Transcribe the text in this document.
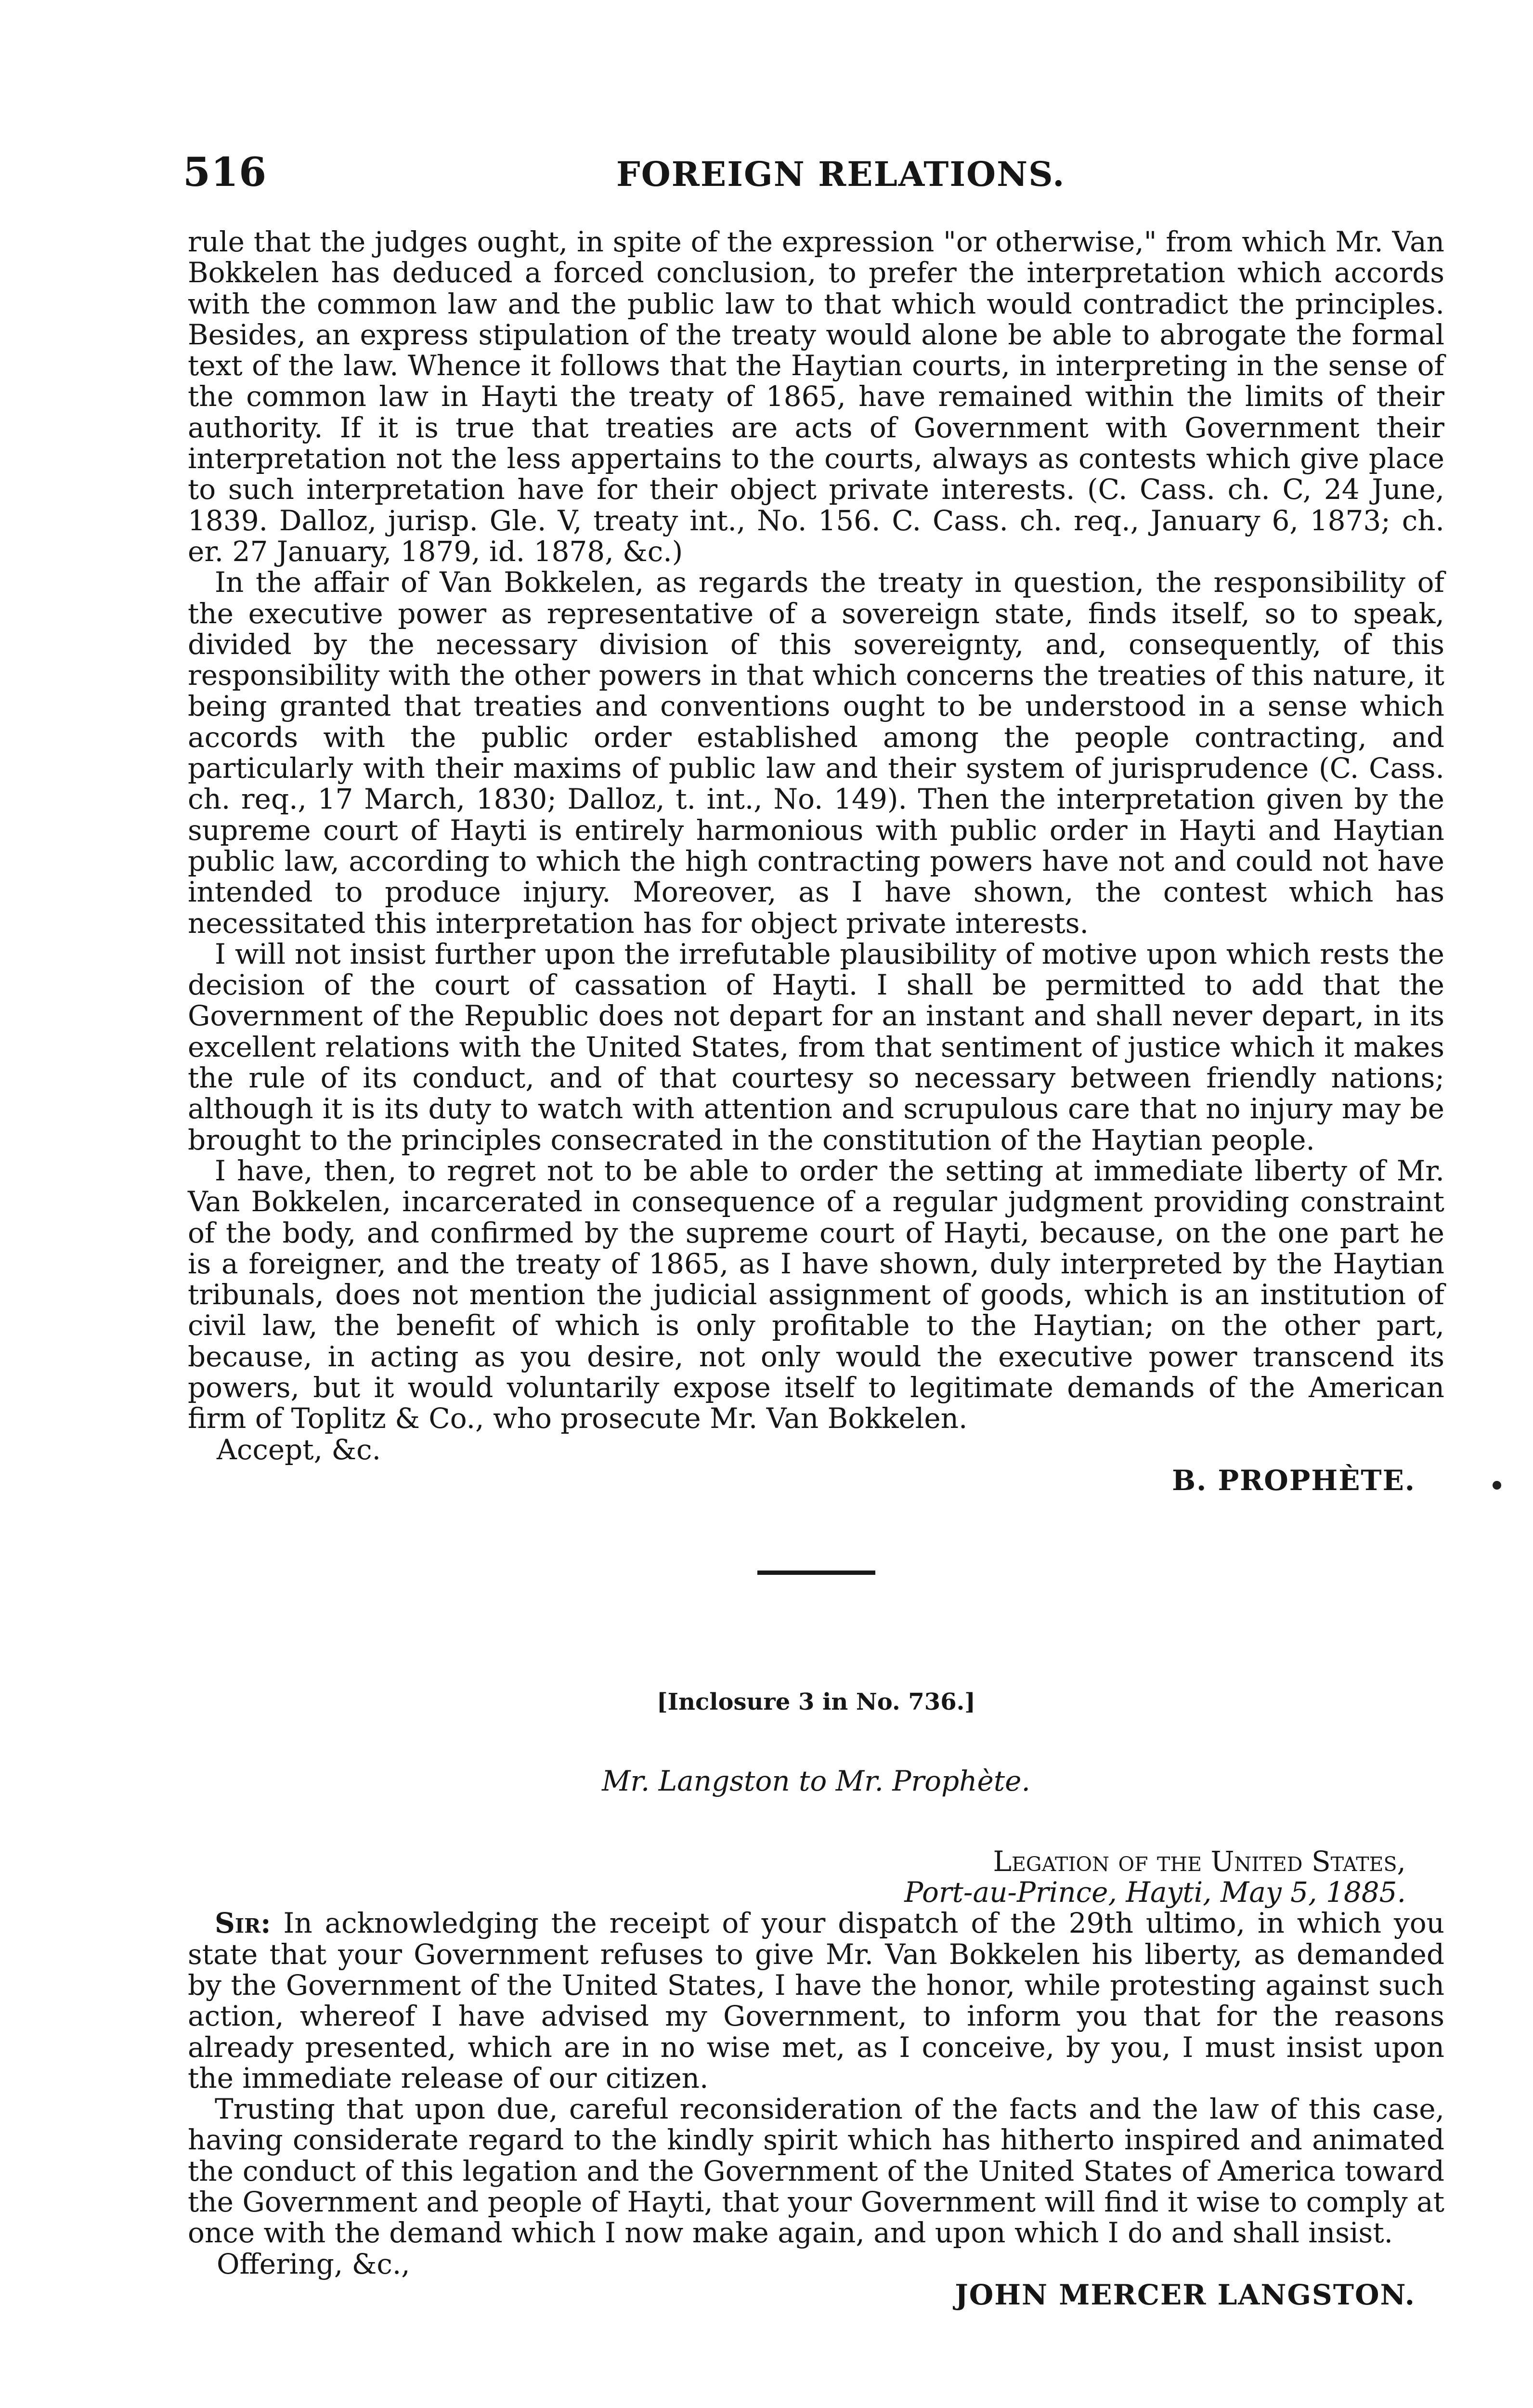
516	FOREIGN RELATIONS.

rule that the judges ought, in spite of the expression "or otherwise," from which Mr. Van Bokkelen has deduced a forced conclusion, to prefer the interpretation which accords with the common law and the public law to that which would contradict the principles. Besides, an express stipulation of the treaty would alone be able to abrogate the formal text of the law. Whence it follows that the Haytian courts, in interpreting in the sense of the common law in Hayti the treaty of 1865, have remained within the limits of their authority. If it is true that treaties are acts of Government with Government their interpretation not the less appertains to the courts, always as contests which give place to such interpretation have for their object private interests. (C. Cass. ch. C, 24 June, 1839. Dalloz, jurisp. Gle. V, treaty int., No. 156. C. Cass. ch. req., January 6, 1873; ch. er. 27 January, 1879, id. 1878, &c.)

In the affair of Van Bokkelen, as regards the treaty in question, the responsibility of the executive power as representative of a sovereign state, finds itself, so to speak, divided by the necessary division of this sovereignty, and, consequently, of this responsibility with the other powers in that which concerns the treaties of this nature, it being granted that treaties and conventions ought to be understood in a sense which accords with the public order established among the people contracting, and particularly with their maxims of public law and their system of jurisprudence (C. Cass. ch. req., 17 March, 1830; Dalloz, t. int., No. 149). Then the interpretation given by the supreme court of Hayti is entirely harmonious with public order in Hayti and Haytian public law, according to which the high contracting powers have not and could not have intended to produce injury. Moreover, as I have shown, the contest which has necessitated this interpretation has for object private interests.

I will not insist further upon the irrefutable plausibility of motive upon which rests the decision of the court of cassation of Hayti. I shall be permitted to add that the Government of the Republic does not depart for an instant and shall never depart, in its excellent relations with the United States, from that sentiment of justice which it makes the rule of its conduct, and of that courtesy so necessary between friendly nations; although it is its duty to watch with attention and scrupulous care that no injury may be brought to the principles consecrated in the constitution of the Haytian people.

I have, then, to regret not to be able to order the setting at immediate liberty of Mr. Van Bokkelen, incarcerated in consequence of a regular judgment providing constraint of the body, and confirmed by the supreme court of Hayti, because, on the one part he is a foreigner, and the treaty of 1865, as I have shown, duly interpreted by the Haytian tribunals, does not mention the judicial assignment of goods, which is an institution of civil law, the benefit of which is only profitable to the Haytian; on the other part, because, in acting as you desire, not only would the executive power transcend its powers, but it would voluntarily expose itself to legitimate demands of the American firm of Toplitz & Co., who prosecute Mr. Van Bokkelen.

Accept, &c.

B. PROPHÈTE.

[Inclosure 3 in No. 736.]

Mr. Langston to Mr. Prophète.

Legation of the United States,

Port-au-Prince, Hayti, May 5, 1885.

Sir: In acknowledging the receipt of your dispatch of the 29th ultimo, in which you state that your Government refuses to give Mr. Van Bokkelen his liberty, as demanded by the Government of the United States, I have the honor, while protesting against such action, whereof I have advised my Government, to inform you that for the reasons already presented, which are in no wise met, as I conceive, by you, I must insist upon the immediate release of our citizen.

Trusting that upon due, careful reconsideration of the facts and the law of this case, having considerate regard to the kindly spirit which has hitherto inspired and animated the conduct of this legation and the Government of the United States of America toward the Government and people of Hayti, that your Government will find it wise to comply at once with the demand which I now make again, and upon which I do and shall insist.

Offering, &c.,

JOHN MERCER LANGSTON.
